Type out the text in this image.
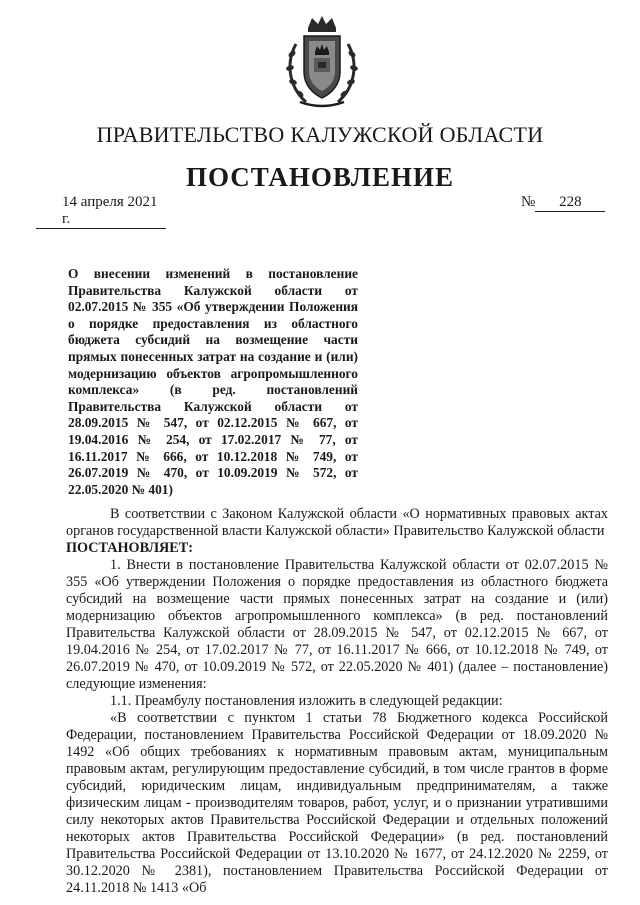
ПРАВИТЕЛЬСТВО КАЛУЖСКОЙ ОБЛАСТИ
ПОСТАНОВЛЕНИЕ
14 апреля 2021 г.
№ 228
О внесении изменений в постановление Правительства Калужской области от 02.07.2015 № 355 «Об утверждении Положения о порядке предоставления из областного бюджета субсидий на возмещение части прямых понесенных затрат на создание и (или) модернизацию объектов агропромышленного комплекса» (в ред. постановлений Правительства Калужской области от 28.09.2015 № 547, от 02.12.2015 № 667, от 19.04.2016 № 254, от 17.02.2017 № 77, от 16.11.2017 № 666, от 10.12.2018 № 749, от 26.07.2019 № 470, от 10.09.2019 № 572, от 22.05.2020 № 401)

В соответствии с Законом Калужской области «О нормативных правовых актах органов государственной власти Калужской области» Правительство Калужской области

ПОСТАНОВЛЯЕТ:

1. Внести в постановление Правительства Калужской области от 02.07.2015 № 355 «Об утверждении Положения о порядке предоставления из областного бюджета субсидий на возмещение части прямых понесенных затрат на создание и (или) модернизацию объектов агропромышленного комплекса» (в ред. постановлений Правительства Калужской области от 28.09.2015 № 547, от 02.12.2015 № 667, от 19.04.2016 № 254, от 17.02.2017 № 77, от 16.11.2017 № 666, от 10.12.2018 № 749, от 26.07.2019 № 470, от 10.09.2019 № 572, от 22.05.2020 № 401) (далее – постановление) следующие изменения:

1.1. Преамбулу постановления изложить в следующей редакции:

«В соответствии с пунктом 1 статьи 78 Бюджетного кодекса Российской Федерации, постановлением Правительства Российской Федерации от 18.09.2020 № 1492 «Об общих требованиях к нормативным правовым актам, муниципальным правовым актам, регулирующим предоставление субсидий, в том числе грантов в форме субсидий, юридическим лицам, индивидуальным предпринимателям, а также физическим лицам - производителям товаров, работ, услуг, и о признании утратившими силу некоторых актов Правительства Российской Федерации и отдельных положений некоторых актов Правительства Российской Федерации» (в ред. постановлений Правительства Российской Федерации от 13.10.2020 № 1677, от 24.12.2020 № 2259, от 30.12.2020 № 2381), постановлением Правительства Российской Федерации от 24.11.2018 № 1413 «Об
